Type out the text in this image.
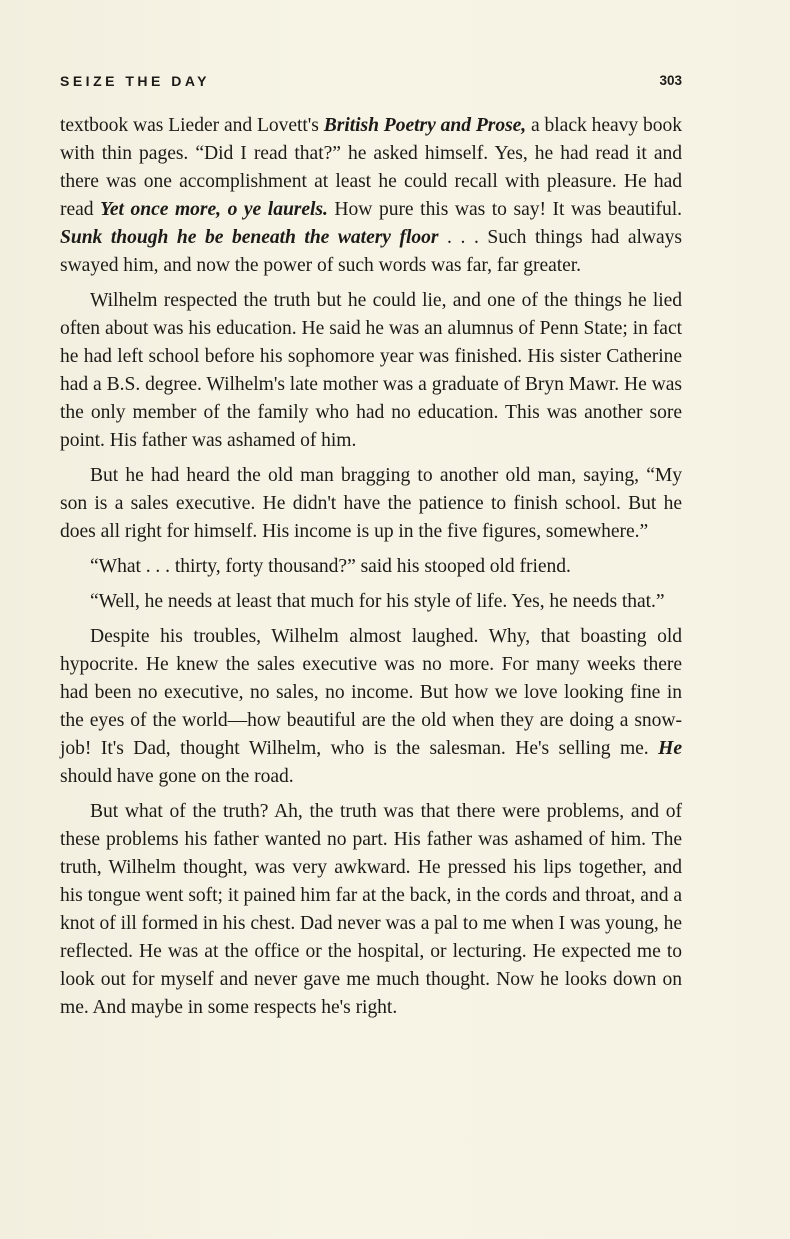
SEIZE THE DAY	303

textbook was Lieder and Lovett's British Poetry and Prose, a black heavy book with thin pages. “Did I read that?” he asked himself. Yes, he had read it and there was one accomplishment at least he could recall with pleasure. He had read Yet once more, o ye laurels. How pure this was to say! It was beautiful. Sunk though he be beneath the watery floor . . . Such things had always swayed him, and now the power of such words was far, far greater.

Wilhelm respected the truth but he could lie, and one of the things he lied often about was his education. He said he was an alumnus of Penn State; in fact he had left school before his sophomore year was finished. His sister Catherine had a B.S. degree. Wilhelm's late mother was a graduate of Bryn Mawr. He was the only member of the family who had no education. This was another sore point. His father was ashamed of him.

But he had heard the old man bragging to another old man, saying, “My son is a sales executive. He didn't have the patience to finish school. But he does all right for himself. His income is up in the five figures, somewhere.”

“What . . . thirty, forty thousand?” said his stooped old friend.

“Well, he needs at least that much for his style of life. Yes, he needs that.”

Despite his troubles, Wilhelm almost laughed. Why, that boasting old hypocrite. He knew the sales executive was no more. For many weeks there had been no executive, no sales, no income. But how we love looking fine in the eyes of the world—how beautiful are the old when they are doing a snow-job! It's Dad, thought Wilhelm, who is the salesman. He's selling me. He should have gone on the road.

But what of the truth? Ah, the truth was that there were problems, and of these problems his father wanted no part. His father was ashamed of him. The truth, Wilhelm thought, was very awkward. He pressed his lips together, and his tongue went soft; it pained him far at the back, in the cords and throat, and a knot of ill formed in his chest. Dad never was a pal to me when I was young, he reflected. He was at the office or the hospital, or lecturing. He expected me to look out for myself and never gave me much thought. Now he looks down on me. And maybe in some respects he's right.
